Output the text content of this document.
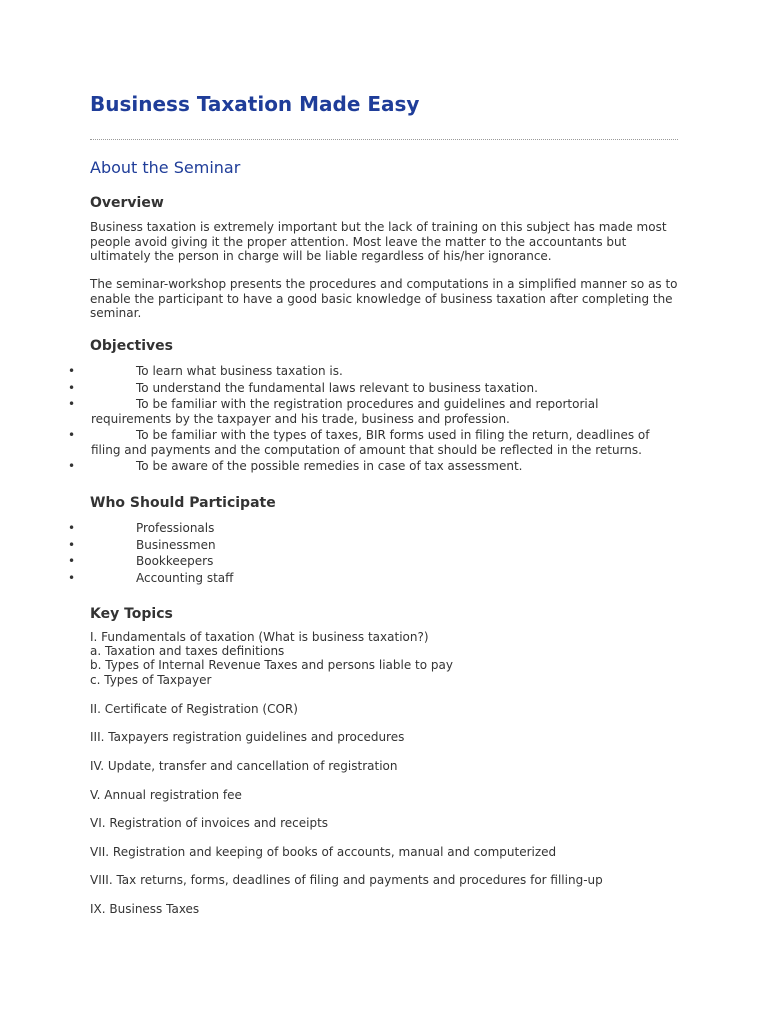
Business Taxation Made Easy
About the Seminar
Overview

Business taxation is extremely important but the lack of training on this subject has made most people avoid giving it the proper attention. Most leave the matter to the accountants but ultimately the person in charge will be liable regardless of his/her ignorance.

The seminar-workshop presents the procedures and computations in a simplified manner so as to enable the participant to have a good basic knowledge of business taxation after completing the seminar.

Objectives
•	To learn what business taxation is.
•	To understand the fundamental laws relevant to business taxation.
•	To be familiar with the registration procedures and guidelines and reportorial requirements by the taxpayer and his trade, business and profession.
•	To be familiar with the types of taxes, BIR forms used in filing the return, deadlines of filing and payments and the computation of amount that should be reflected in the returns.
•	To be aware of the possible remedies in case of tax assessment.
Who Should Participate
•	Professionals
•	Businessmen
•	Bookkeepers
•	Accounting staff
Key Topics

I. Fundamentals of taxation (What is business taxation?)

a. Taxation and taxes definitions

b. Types of Internal Revenue Taxes and persons liable to pay

c. Types of Taxpayer

II. Certificate of Registration (COR)

III. Taxpayers registration guidelines and procedures

IV. Update, transfer and cancellation of registration

V. Annual registration fee

VI. Registration of invoices and receipts

VII. Registration and keeping of books of accounts, manual and computerized

VIII. Tax returns, forms, deadlines of filing and payments and procedures for filling-up

IX. Business Taxes
